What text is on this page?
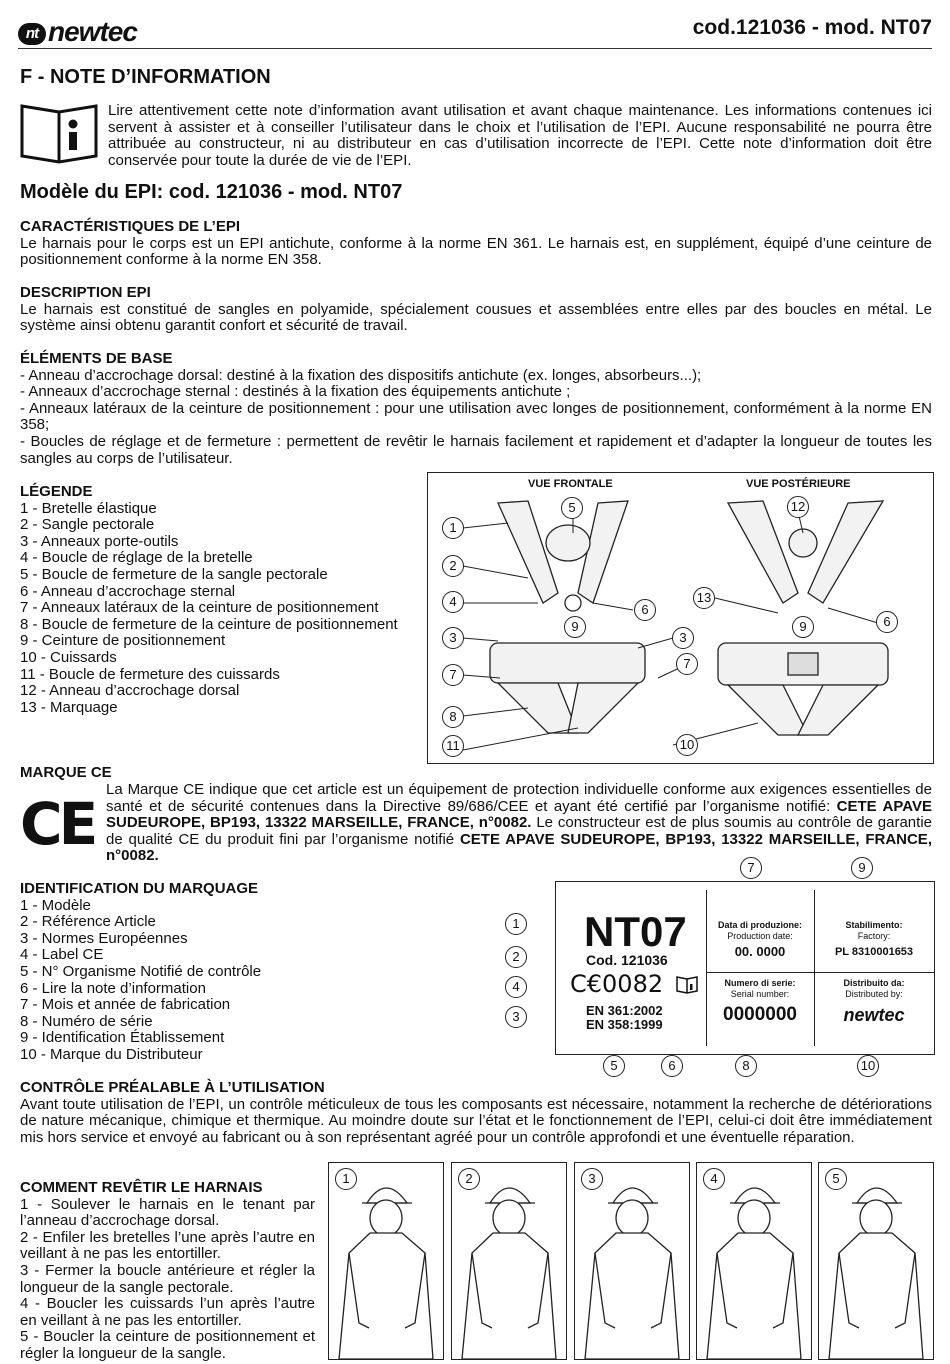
nt newtec	cod.121036 - mod. NT07
F - NOTE D’INFORMATION

Lire attentivement cette note d’information avant utilisation et avant chaque maintenance. Les informations contenues ici servent à assister et à conseiller l’utilisateur dans le choix et l’utilisation de l’EPI. Aucune responsabilité ne pourra être attribuée au constructeur, ni au distributeur en cas d’utilisation incorrecte de l’EPI. Cette note d’information doit être conservée pour toute la durée de vie de l’EPI.

Modèle du EPI: cod. 121036 - mod. NT07
CARACTÉRISTIQUES DE L’EPI

Le harnais pour le corps est un EPI antichute, conforme à la norme EN 361. Le harnais est, en supplément, équipé d’une ceinture de positionnement conforme à la norme EN 358.

DESCRIPTION EPI

Le harnais est constitué de sangles en polyamide, spécialement cousues et assemblées entre elles par des boucles en métal. Le système ainsi obtenu garantit confort et sécurité de travail.

ÉLÉMENTS DE BASE

- Anneau d’accrochage dorsal: destiné à la fixation des dispositifs antichute (ex. longes, absorbeurs...);

- Anneaux d’accrochage sternal : destinés à la fixation des équipements antichute ;

- Anneaux latéraux de la ceinture de positionnement : pour une utilisation avec longes de positionnement, conformément à la norme EN 358;

- Boucles de réglage et de fermeture : permettent de revêtir le harnais facilement et rapidement et d’adapter la longueur de toutes les sangles au corps de l’utilisateur.

LÉGENDE
1 - Bretelle élastique
2 - Sangle pectorale
3 - Anneaux porte-outils
4 - Boucle de réglage de la bretelle
5 - Boucle de fermeture de la sangle pectorale
6 - Anneau d’accrochage sternal
7 - Anneaux latéraux de la ceinture de positionnement
8 - Boucle de fermeture de la ceinture de positionnement
9 - Ceinture de positionnement
10 - Cuissards
11 - Boucle de fermeture des cuissards
12 - Anneau d’accrochage dorsal
13 - Marquage
VUE FRONTALE	VUE POSTÉRIEURE
1
2
4
3
7
8
11
5
6
9
3
12
13
6
9
7
10
MARQUE CE
CE

La Marque CE indique que cet article est un équipement de protection individuelle conforme aux exigences essentielles de santé et de sécurité contenues dans la Directive 89/686/CEE et ayant été certifié par l’organisme notifié: CETE APAVE SUDEUROPE, BP193, 13322 MARSEILLE, FRANCE, n°0082. Le constructeur est de plus soumis au contrôle de garantie de qualité CE du produit fini par l’organisme notifié CETE APAVE SUDEUROPE, BP193, 13322 MARSEILLE, FRANCE, n°0082.

IDENTIFICATION DU MARQUAGE
1 - Modèle
2 - Référence Article
3 - Normes Européennes
4 - Label CE
5 - N° Organisme Notifié de contrôle
6 - Lire la note d’information
7 - Mois et année de fabrication
8 - Numéro de série
9 - Identification Établissement
10 - Marque du Distributeur
NT07
Cod. 121036
C€0082
EN 361:2002
EN 358:1999
Data di produzione:
Production date:
00. 0000
Stabilimento:
Factory:
PL 8310001653
Numero di serie:
Serial number:
0000000
Distribuito da:
Distributed by:
newtec
1
2
4
3
5	6
7
8
9
10
CONTRÔLE PRÉALABLE À L’UTILISATION

Avant toute utilisation de l’EPI, un contrôle méticuleux de tous les composants est nécessaire, notamment la recherche de détériorations de nature mécanique, chimique et thermique. Au moindre doute sur l’état et le fonctionnement de l’EPI, celui-ci doit être immédiatement mis hors service et envoyé au fabricant ou à son représentant agréé pour un contrôle approfondi et une éventuelle réparation.

COMMENT REVÊTIR LE HARNAIS

1 - Soulever le harnais en le tenant par l’anneau d’accrochage dorsal.

2 - Enfiler les bretelles l’une après l’autre en veillant à ne pas les entortiller.

3 - Fermer la boucle antérieure et régler la longueur de la sangle pectorale.

4 - Boucler les cuissards l’un après l’autre en veillant à ne pas les entortiller.

5 - Boucler la ceinture de positionnement et régler la longueur de la sangle.

1	2	3	4	5
